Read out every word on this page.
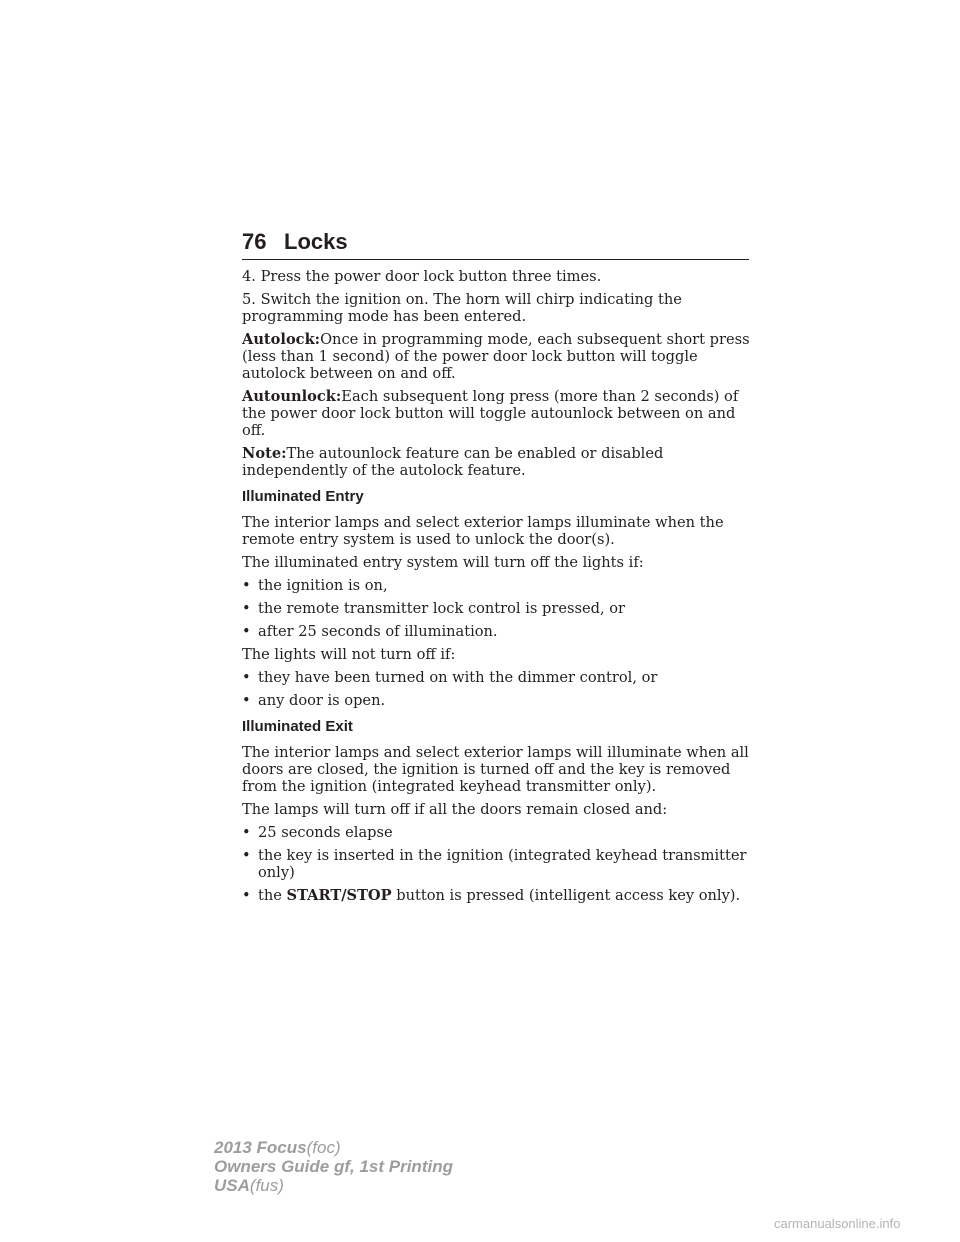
76 Locks

4. Press the power door lock button three times.

5. Switch the ignition on. The horn will chirp indicating the programming mode has been entered.

Autolock:Once in programming mode, each subsequent short press (less than 1 second) of the power door lock button will toggle autolock between on and off.

Autounlock:Each subsequent long press (more than 2 seconds) of the power door lock button will toggle autounlock between on and off.

Note:The autounlock feature can be enabled or disabled independently of the autolock feature.

Illuminated Entry

The interior lamps and select exterior lamps illuminate when the remote entry system is used to unlock the door(s).

The illuminated entry system will turn off the lights if:

• the ignition is on,
• the remote transmitter lock control is pressed, or
• after 25 seconds of illumination.

The lights will not turn off if:

• they have been turned on with the dimmer control, or
• any door is open.
Illuminated Exit

The interior lamps and select exterior lamps will illuminate when all doors are closed, the ignition is turned off and the key is removed from the ignition (integrated keyhead transmitter only).

The lamps will turn off if all the doors remain closed and:

• 25 seconds elapse
• the key is inserted in the ignition (integrated keyhead transmitter only)
• the START/STOP button is pressed (intelligent access key only).
2013 Focus(foc)
Owners Guide gf, 1st Printing
USA(fus)
carmanualsonline.info
